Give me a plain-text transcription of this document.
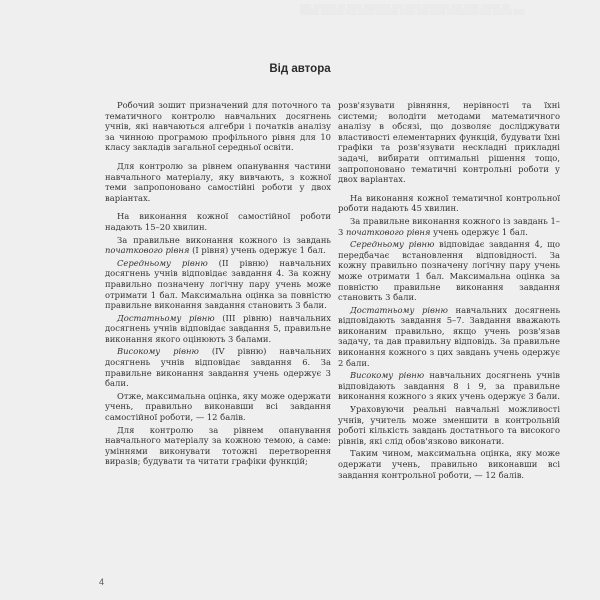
░░░ ░░░░░░ ░░ ░░░░ ░░░░░░░ ░░░ ░░░░ ░░░░░░░ ░░░ ░░░░ ░░░░░ ░░ ░░░░░ ░░░░░░ ░░░ ░░░░ ░░░░░░ ░░░░ ░░░ ░░░░ ░░░░░░░░ ░░░ ░░░░░ ░░░
Від автора

Робочий зошит призначений для поточного та тематичного контролю навчальних досягнень учнів, які навчаються алгебри і початків аналізу за чинною програмою профільного рівня для 10 класу закладів загальної середньої освіти.

Для контролю за рівнем опанування частини навчального матеріалу, яку вивчають, з кожної теми запропоновано самостійні роботи у двох варіантах.

На виконання кожної самостійної роботи надають 15–20 хвилин.

За правильне виконання кожного із завдань початкового рівня (І рівня) учень одержує 1 бал.

Середньому рівню (ІІ рівню) навчальних досягнень учнів відповідає завдання 4. За кожну правильно позначену логічну пару учень може отримати 1 бал. Максимальна оцінка за повністю правильне виконання завдання становить 3 бали.

Достатньому рівню (ІІІ рівню) навчальних досягнень учнів відповідає завдання 5, правильне виконання якого оцінюють 3 балами.

Високому рівню (IV рівню) навчальних досягнень учнів відповідає завдання 6. За правильне виконання завдання учень одержує 3 бали.

Отже, максимальна оцінка, яку може одержати учень, правильно виконавши всі завдання самостійної роботи, — 12 балів.

Для контролю за рівнем опанування навчального матеріалу за кожною темою, а саме: уміннями виконувати тотожні перетворення виразів; будувати та читати графіки функцій;

розв'язувати рівняння, нерівності та їхні системи; володіти методами математичного аналізу в обсязі, що дозволяє досліджувати властивості елементарних функцій, будувати їхні графіки та розв'язувати нескладні прикладні задачі, вибирати оптимальні рішення тощо, запропоновано тематичні контрольні роботи у двох варіантах.

На виконання кожної тематичної контрольної роботи надають 45 хвилин.

За правильне виконання кожного із завдань 1–3 початкового рівня учень одержує 1 бал.

Середньому рівню відповідає завдання 4, що передбачає встановлення відповідності. За кожну правильно позначену логічну пару учень може отримати 1 бал. Максимальна оцінка за повністю правильне виконання завдання становить 3 бали.

Достатньому рівню навчальних досягнень відповідають завдання 5–7. Завдання вважають виконаним правильно, якщо учень розв'язав задачу, та дав правильну відповідь. За правильне виконання кожного з цих завдань учень одержує 2 бали.

Високому рівню навчальних досягнень учнів відповідають завдання 8 і 9, за правильне виконання кожного з яких учень одержує 3 бали.

Ураховуючи реальні навчальні можливості учнів, учитель може зменшити в контрольній роботі кількість завдань достатнього та високого рівнів, які слід обов'язково виконати.

Таким чином, максимальна оцінка, яку може одержати учень, правильно виконавши всі завдання контрольної роботи, — 12 балів.

4
